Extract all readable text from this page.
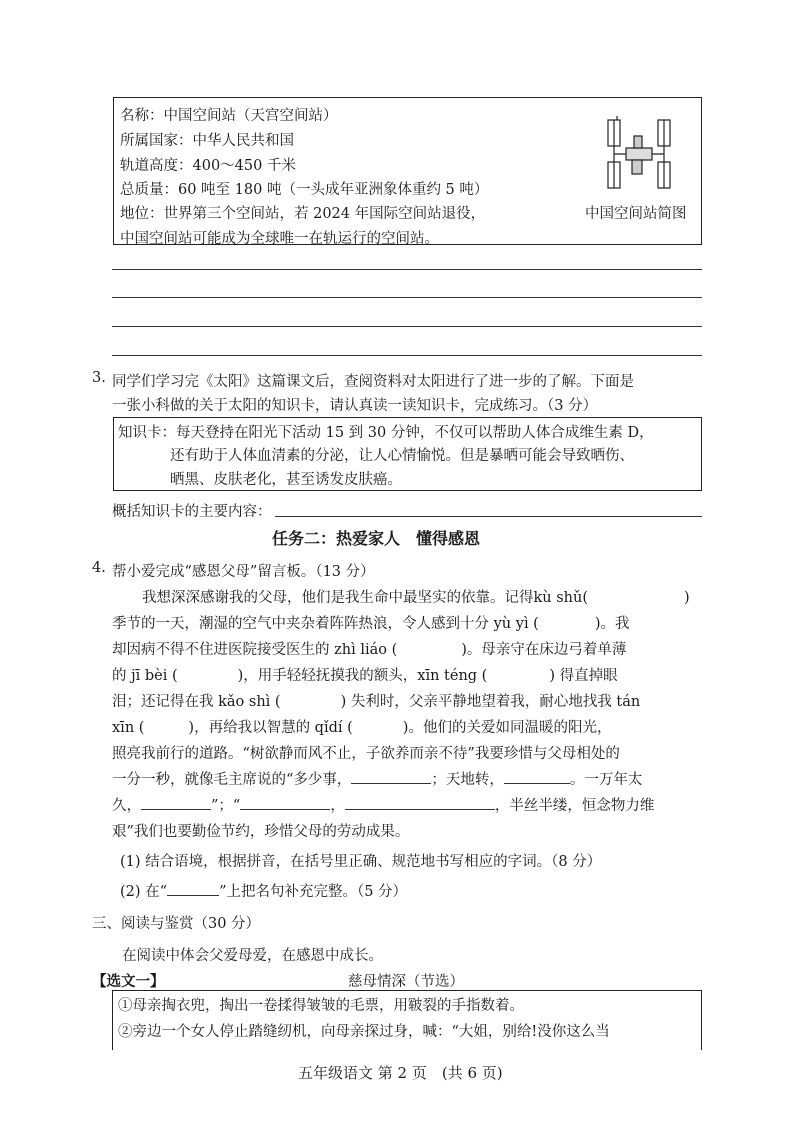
名称：中国空间站（天宫空间站）
所属国家：中华人民共和国
轨道高度：400～450 千米
总质量：60 吨至 180 吨（一头成年亚洲象体重约 5 吨）
地位：世界第三个空间站，若 2024 年国际空间站退役，
中国空间站可能成为全球唯一在轨运行的空间站。
中国空间站简图
3. 同学们学习完《太阳》这篇课文后，查阅资料对太阳进行了进一步的了解。下面是
一张小科做的关于太阳的知识卡，请认真读一读知识卡，完成练习。（3 分）
知识卡：每天登持在阳光下活动 15 到 30 分钟，不仅可以帮助人体合成维生素 D，
还有助于人体血清素的分泌，让人心情愉悦。但是暴晒可能会导致晒伤、
晒黑、皮肤老化，甚至诱发皮肤癌。
概括知识卡的主要内容：
任务二：热爱家人　懂得感恩
4. 帮小爱完成“感恩父母”留言板。（13 分）
我想深深感谢我的父母，他们是我生命中最坚实的依靠。记得kù shǔ(	)
季节的一天，潮湿的空气中夹杂着阵阵热浪，令人感到十分 yù yì (	)。我
却因病不得不住进医院接受医生的 zhì liáo (	)。母亲守在床边弓着单薄
的 jī bèi (	)，用手轻轻抚摸我的额头，xīn téng (	) 得直掉眼
泪；还记得在我 kǎo shì (	) 失利时，父亲平静地望着我，耐心地找我 tán
xīn (	)，再给我以智慧的 qǐdí (	)。他们的关爱如同温暖的阳光，
照亮我前行的道路。“树欲静而风不止，子欲养而亲不待”我要珍惜与父母相处的
一分一秒，就像毛主席说的“多少事，	；天地转，	。一万年太
久，	”；“	，	，半丝半缕，恒念物力维
艰”我们也要勤俭节约，珍惜父母的劳动成果。
(1) 结合语境，根据拼音，在括号里正确、规范地书写相应的字词。（8 分）
(2) 在“	”上把名句补充完整。（5 分）
三、阅读与鉴赏（30 分）
在阅读中体会父爱母爱，在感恩中成长。
【选文一】	慈母情深（节选）
①母亲掏衣兜，掏出一卷揉得皱皱的毛票，用皲裂的手指数着。
②旁边一个女人停止踏缝纫机，向母亲探过身，喊：“大姐，别给!没你这么当
五年级语文 第 2 页　(共 6 页)
